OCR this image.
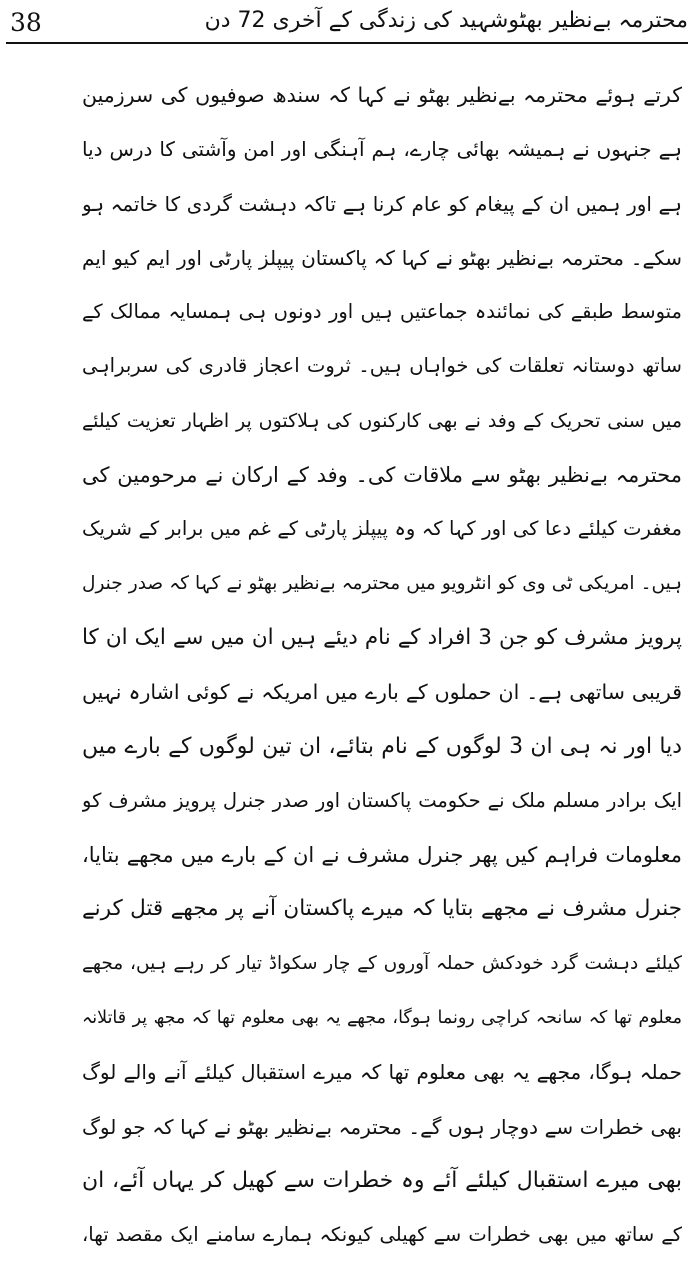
38	محترمہ بےنظیر بھٹوشہید کی زندگی کے آخری 72 دن
کرتے ہوئے محترمہ بےنظیر بھٹو نے کہا کہ سندھ صوفیوں کی سرزمین
ہے جنہوں نے ہمیشہ بھائی چارے، ہم آہنگی اور امن وآشتی کا درس دیا
ہے اور ہمیں ان کے پیغام کو عام کرنا ہے تاکہ دہشت گردی کا خاتمہ ہو
سکے۔ محترمہ بےنظیر بھٹو نے کہا کہ پاکستان پیپلز پارٹی اور ایم کیو ایم
متوسط طبقے کی نمائندہ جماعتیں ہیں اور دونوں ہی ہمسایہ ممالک کے
ساتھ دوستانہ تعلقات کی خواہاں ہیں۔ ثروت اعجاز قادری کی سربراہی
میں سنی تحریک کے وفد نے بھی کارکنوں کی ہلاکتوں پر اظہار تعزیت کیلئے
محترمہ بےنظیر بھٹو سے ملاقات کی۔ وفد کے ارکان نے مرحومین کی
مغفرت کیلئے دعا کی اور کہا کہ وہ پیپلز پارٹی کے غم میں برابر کے شریک
ہیں۔ امریکی ٹی وی کو انٹرویو میں محترمہ بےنظیر بھٹو نے کہا کہ صدر جنرل
پرویز مشرف کو جن 3 افراد کے نام دیئے ہیں ان میں سے ایک ان کا
قریبی ساتھی ہے۔ ان حملوں کے بارے میں امریکہ نے کوئی اشارہ نہیں
دیا اور نہ ہی ان 3 لوگوں کے نام بتائے، ان تین لوگوں کے بارے میں
ایک برادر مسلم ملک نے حکومت پاکستان اور صدر جنرل پرویز مشرف کو
معلومات فراہم کیں پھر جنرل مشرف نے ان کے بارے میں مجھے بتایا،
جنرل مشرف نے مجھے بتایا کہ میرے پاکستان آنے پر مجھے قتل کرنے
کیلئے دہشت گرد خودکش حملہ آوروں کے چار سکواڈ تیار کر رہے ہیں، مجھے
معلوم تھا کہ سانحہ کراچی رونما ہوگا، مجھے یہ بھی معلوم تھا کہ مجھ پر قاتلانہ
حملہ ہوگا، مجھے یہ بھی معلوم تھا کہ میرے استقبال کیلئے آنے والے لوگ
بھی خطرات سے دوچار ہوں گے۔ محترمہ بےنظیر بھٹو نے کہا کہ جو لوگ
بھی میرے استقبال کیلئے آئے وہ خطرات سے کھیل کر یہاں آئے، ان
کے ساتھ میں بھی خطرات سے کھیلی کیونکہ ہمارے سامنے ایک مقصد تھا،
